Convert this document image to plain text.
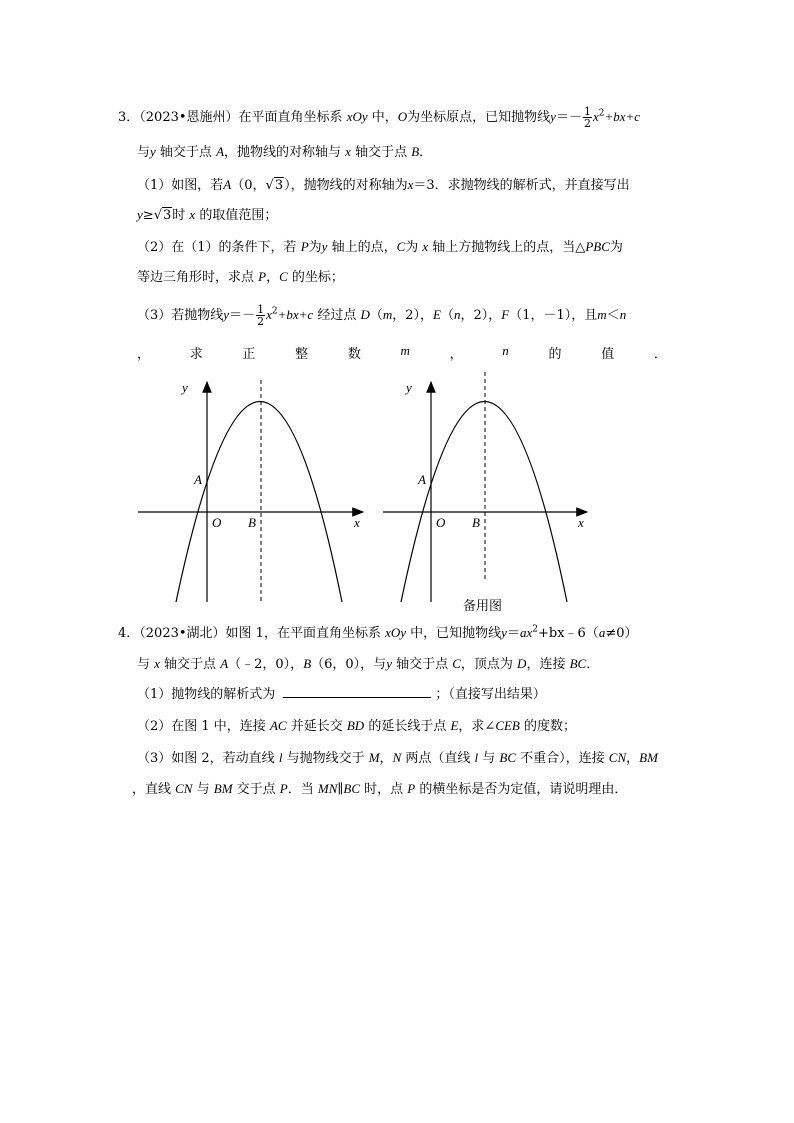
3．（2023•恩施州）在平面直角坐标系 xOy 中，O为坐标原点，已知抛物线$y=- \frac{1}{2} x^2+bx+c$
与y 轴交于点 A，抛物线的对称轴与 x 轴交于点 B．
（1）如图，若A（0，√3），抛物线的对称轴为x＝3．求抛物线的解析式，并直接写出
y≥√3时 x 的取值范围；
（2）在（1）的条件下，若 P为y 轴上的点，C为 x 轴上方抛物线上的点，当△PBC为
等边三角形时，求点 P，C 的坐标；
（3）若抛物线$y=- \frac{1}{2} x^2+bx+c$ 经过点 D（m，2），E（n，2），F（1，－1），且m＜n
，	求	正	整	数	m	，	n	的	值	．
y
x
A
O B
y
x
A
O B
备用图
4．（2023•湖北）如图 1，在平面直角坐标系 xOy 中，已知抛物线$y=ax^2+bx﹣6(a\ne 0)$
与 x 轴交于点 A（﹣2，0），B（6，0），与y 轴交于点 C，顶点为 D，连接 BC．
（1）抛物线的解析式为	；（直接写出结果）
（2）在图 1 中，连接 AC 并延长交 BD 的延长线于点 E，求∠CEB 的度数；
（3）如图 2，若动直线 l 与抛物线交于 M，N 两点（直线 l 与 BC 不重合），连接 CN，BM
，直线 CN 与 BM 交于点 P．当 MN∥BC 时，点 P 的横坐标是否为定值，请说明理由．
